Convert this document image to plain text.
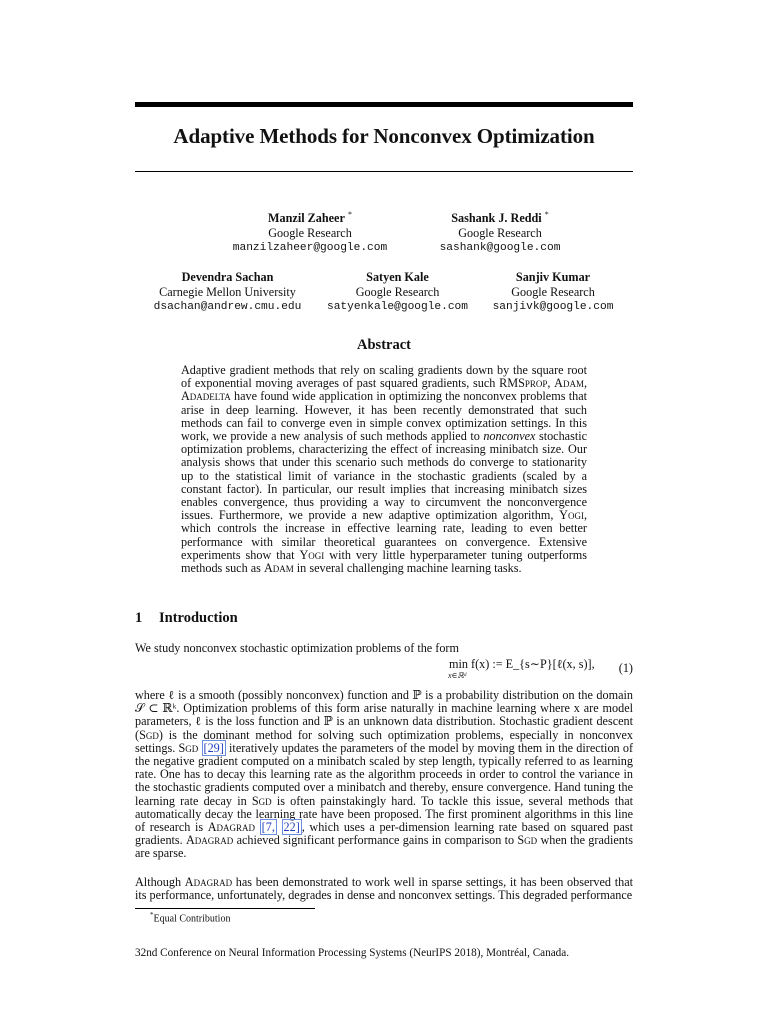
Adaptive Methods for Nonconvex Optimization
Manzil Zaheer *
Google Research
manzilzaheer@google.com
Sashank J. Reddi *
Google Research
sashank@google.com
Devendra Sachan
Carnegie Mellon University
dsachan@andrew.cmu.edu
Satyen Kale
Google Research
satyenkale@google.com
Sanjiv Kumar
Google Research
sanjivk@google.com
Abstract
Adaptive gradient methods that rely on scaling gradients down by the square root of exponential moving averages of past squared gradients, such RMSprop, Adam, Adadelta have found wide application in optimizing the nonconvex problems that arise in deep learning. However, it has been recently demonstrated that such methods can fail to converge even in simple convex optimization settings. In this work, we provide a new analysis of such methods applied to nonconvex stochastic optimization problems, characterizing the effect of increasing minibatch size. Our analysis shows that under this scenario such methods do converge to stationarity up to the statistical limit of variance in the stochastic gradients (scaled by a constant factor). In particular, our result implies that increasing minibatch sizes enables convergence, thus providing a way to circumvent the nonconvergence issues. Furthermore, we provide a new adaptive optimization algorithm, Yogi, which controls the increase in effective learning rate, leading to even better performance with similar theoretical guarantees on convergence. Extensive experiments show that Yogi with very little hyperparameter tuning outperforms methods such as Adam in several challenging machine learning tasks.
1 Introduction
We study nonconvex stochastic optimization problems of the form
min f(x) := E_{s∼P}[ℓ(x, s)],
x∈ℝᵈ
(1)
where ℓ is a smooth (possibly nonconvex) function and ℙ is a probability distribution on the domain 𝒮 ⊂ ℝᵏ. Optimization problems of this form arise naturally in machine learning where x are model parameters, ℓ is the loss function and ℙ is an unknown data distribution. Stochastic gradient descent (Sgd) is the dominant method for solving such optimization problems, especially in nonconvex settings. Sgd [29] iteratively updates the parameters of the model by moving them in the direction of the negative gradient computed on a minibatch scaled by step length, typically referred to as learning rate. One has to decay this learning rate as the algorithm proceeds in order to control the variance in the stochastic gradients computed over a minibatch and thereby, ensure convergence. Hand tuning the learning rate decay in Sgd is often painstakingly hard. To tackle this issue, several methods that automatically decay the learning rate have been proposed. The first prominent algorithms in this line of research is Adagrad [7, 22] , which uses a per-dimension learning rate based on squared past gradients. Adagrad achieved significant performance gains in comparison to Sgd when the gradients are sparse.
Although Adagrad has been demonstrated to work well in sparse settings, it has been observed that its performance, unfortunately, degrades in dense and nonconvex settings. This degraded performance
*Equal Contribution
32nd Conference on Neural Information Processing Systems (NeurIPS 2018), Montréal, Canada.
